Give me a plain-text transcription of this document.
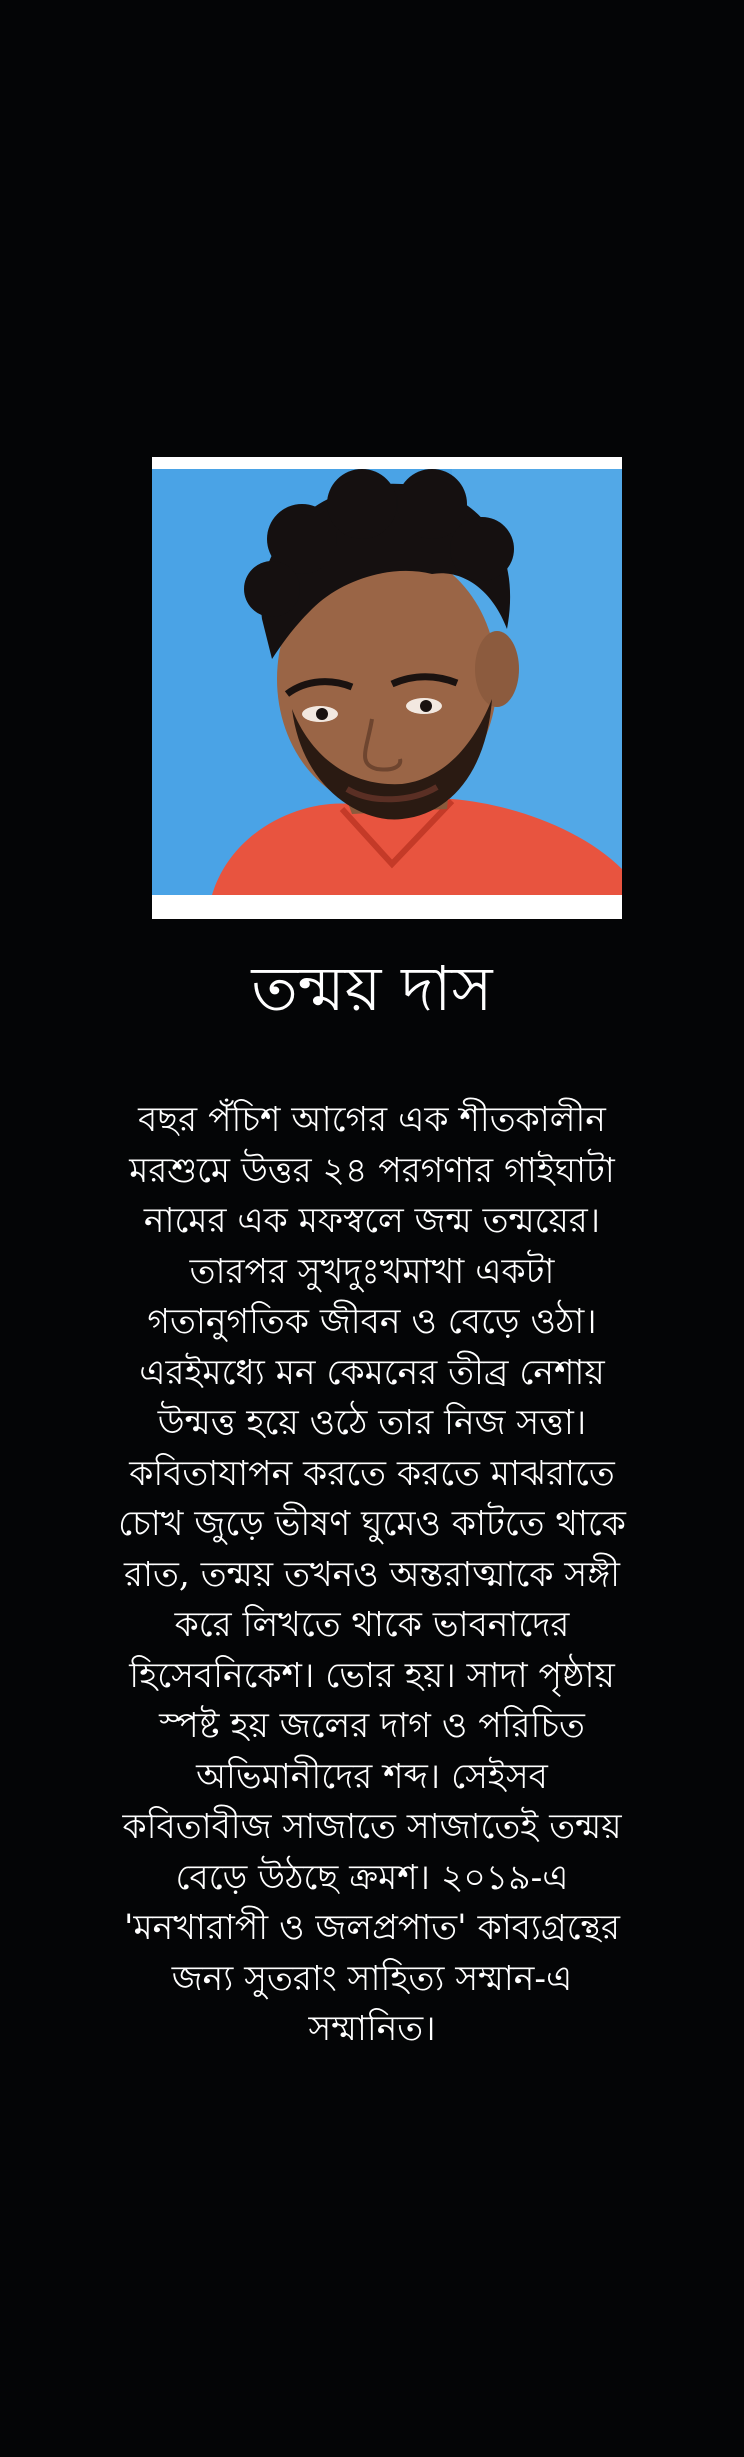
তন্ময় দাস
বছর পঁচিশ আগের এক শীতকালীন
মরশুমে উত্তর ২৪ পরগণার গাইঘাটা
নামের এক মফস্বলে জন্ম তন্ময়ের।
তারপর সুখদুঃখমাখা একটা
গতানুগতিক জীবন ও বেড়ে ওঠা।
এরইমধ্যে মন কেমনের তীব্র নেশায়
উন্মত্ত হয়ে ওঠে তার নিজ সত্তা।
কবিতাযাপন করতে করতে মাঝরাতে
চোখ জুড়ে ভীষণ ঘুমেও কাটতে থাকে
রাত, তন্ময় তখনও অন্তরাত্মাকে সঙ্গী
করে লিখতে থাকে ভাবনাদের
হিসেবনিকেশ। ভোর হয়। সাদা পৃষ্ঠায়
স্পষ্ট হয় জলের দাগ ও পরিচিত
অভিমানীদের শব্দ। সেইসব
কবিতাবীজ সাজাতে সাজাতেই তন্ময়
বেড়ে উঠছে ক্রমশ। ২০১৯-এ
'মনখারাপী ও জলপ্রপাত' কাব্যগ্রন্থের
জন্য সুতরাং সাহিত্য সম্মান-এ
সম্মানিত।
